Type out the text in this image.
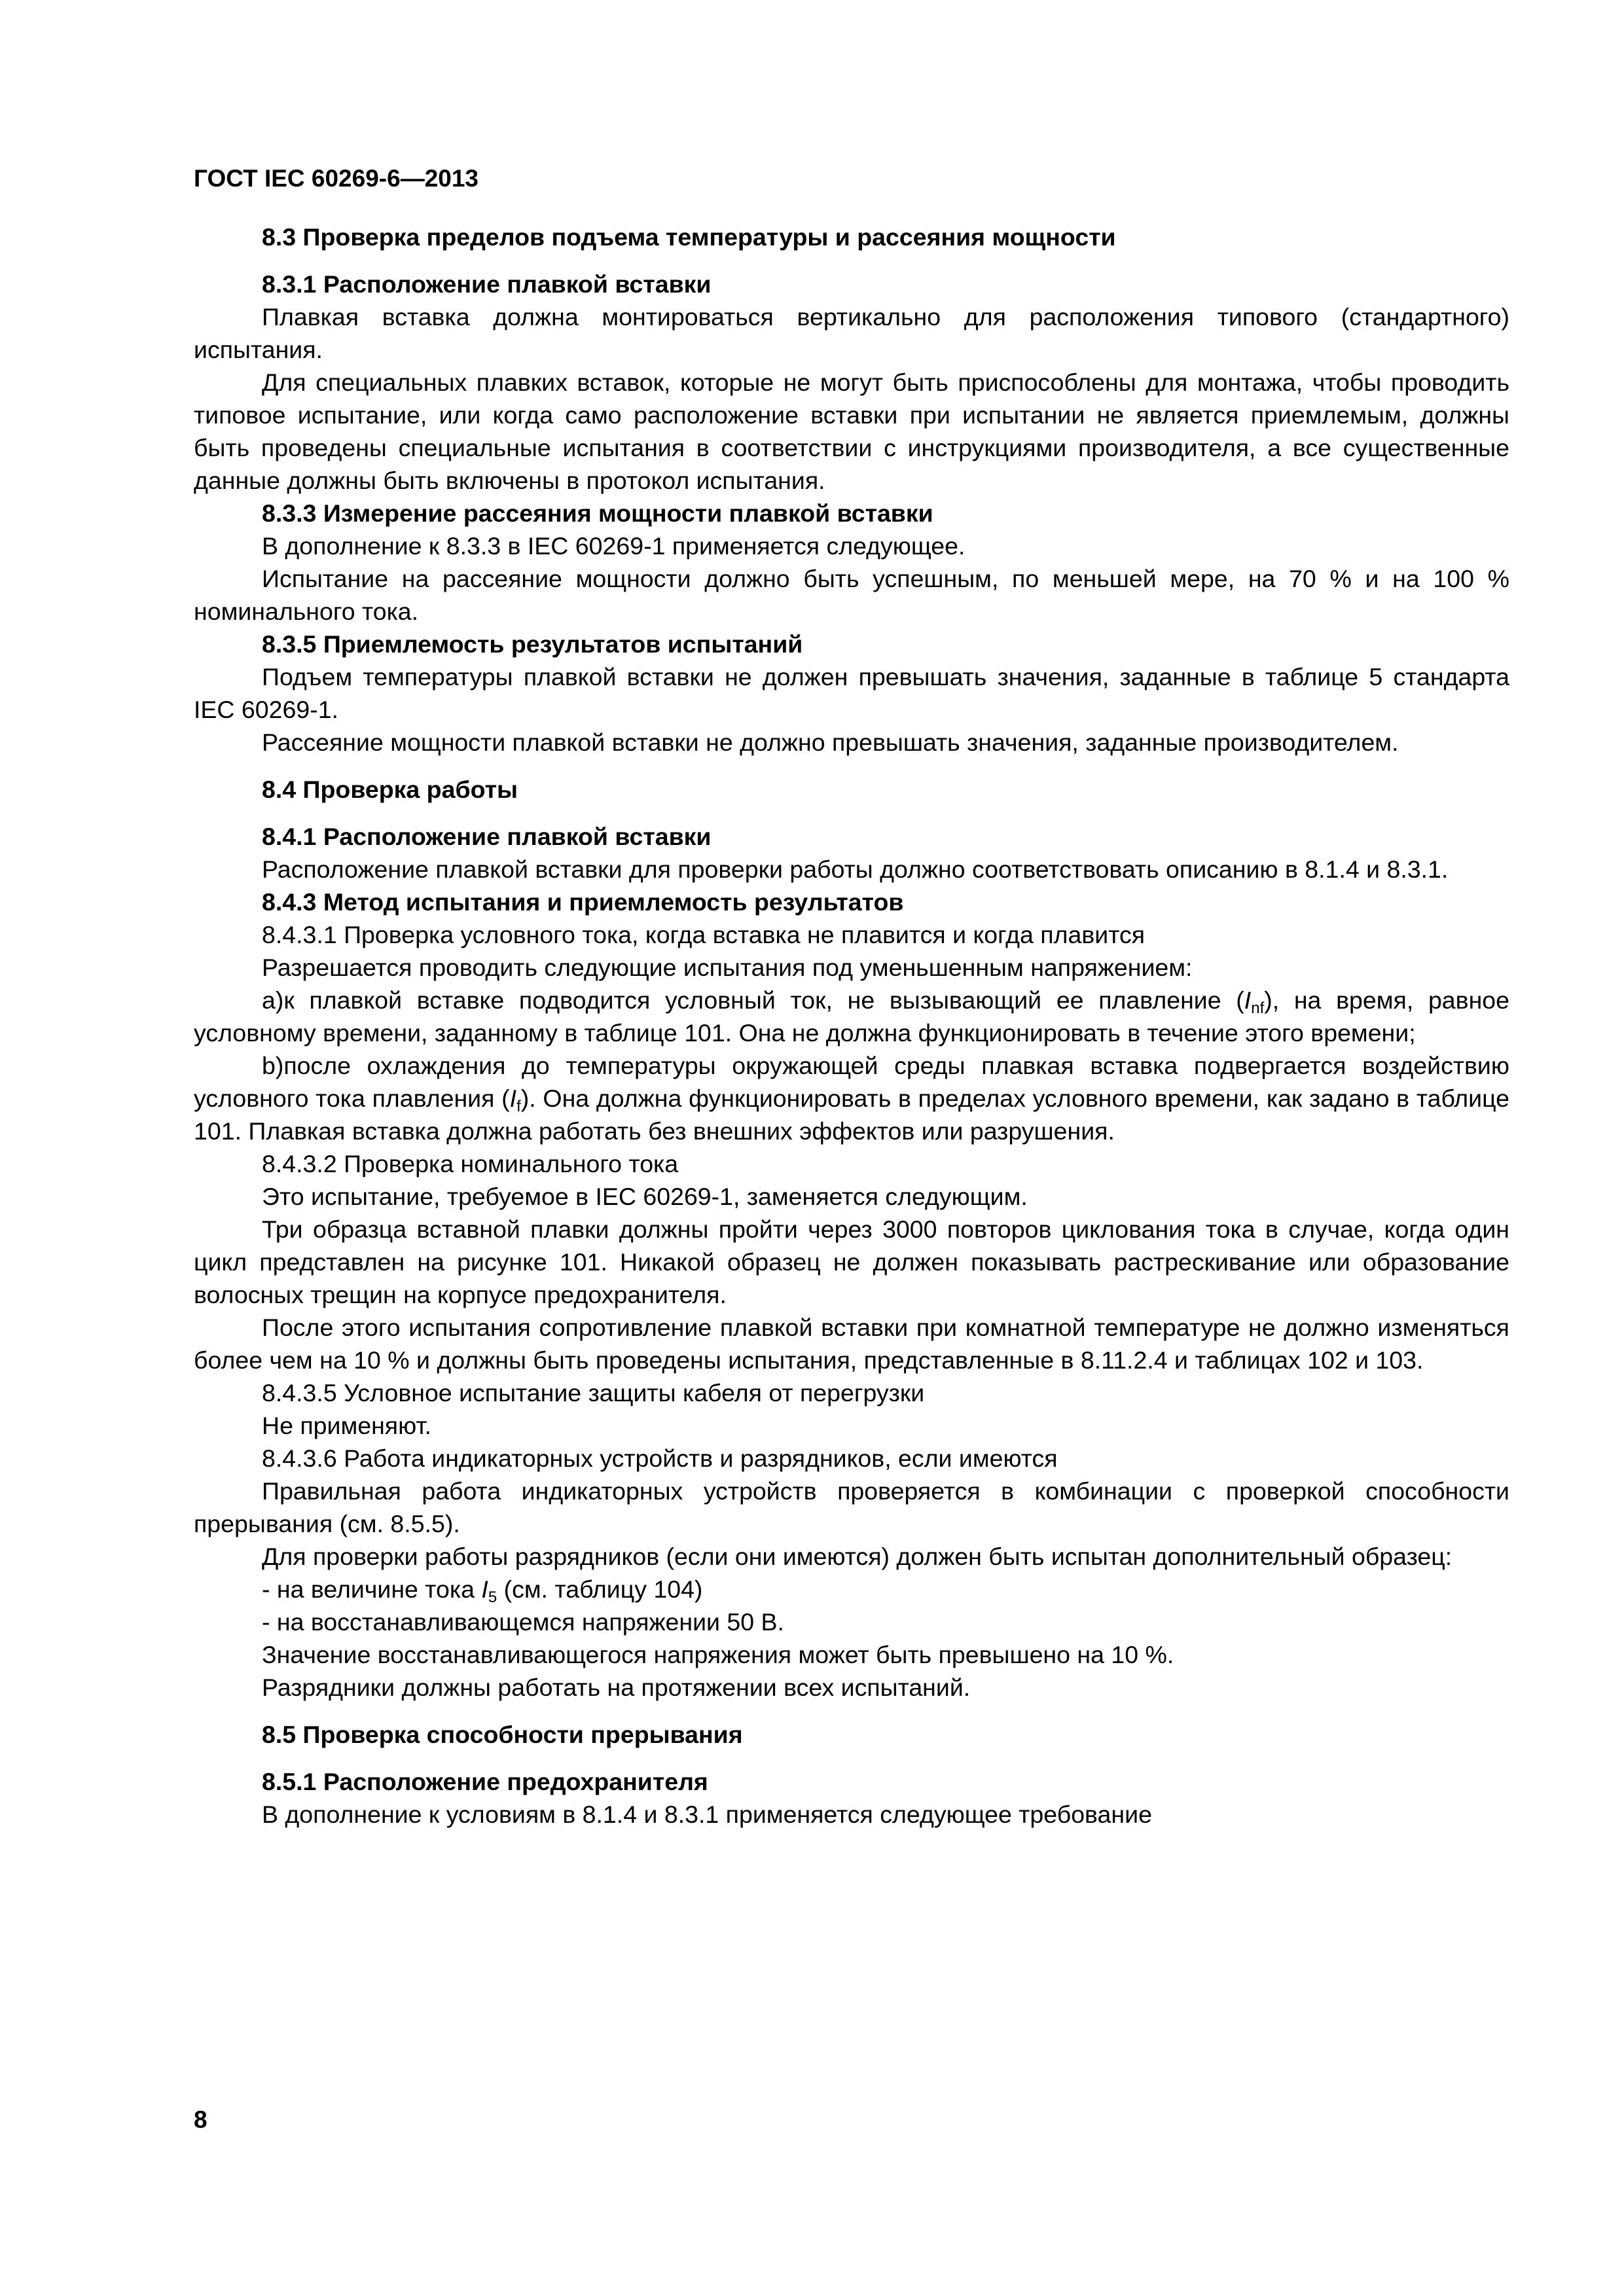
ГОСТ IEC 60269-6—2013

8.3 Проверка пределов подъема температуры и рассеяния мощности

8.3.1 Расположение плавкой вставки

Плавкая вставка должна монтироваться вертикально для расположения типового (стандартного) испытания.

Для специальных плавких вставок, которые не могут быть приспособлены для монтажа, чтобы проводить типовое испытание, или когда само расположение вставки при испытании не является приемлемым, должны быть проведены специальные испытания в соответствии с инструкциями производителя, а все существенные данные должны быть включены в протокол испытания.

8.3.3 Измерение рассеяния мощности плавкой вставки

В дополнение к 8.3.3 в IEC 60269-1 применяется следующее.

Испытание на рассеяние мощности должно быть успешным, по меньшей мере, на 70 % и на 100 % номинального тока.

8.3.5 Приемлемость результатов испытаний

Подъем температуры плавкой вставки не должен превышать значения, заданные в таблице 5 стандарта IEC 60269-1.

Рассеяние мощности плавкой вставки не должно превышать значения, заданные производителем.

8.4 Проверка работы

8.4.1 Расположение плавкой вставки

Расположение плавкой вставки для проверки работы должно соответствовать описанию в 8.1.4 и 8.3.1.

8.4.3 Метод испытания и приемлемость результатов

8.4.3.1 Проверка условного тока, когда вставка не плавится и когда плавится

Разрешается проводить следующие испытания под уменьшенным напряжением:

а)к плавкой вставке подводится условный ток, не вызывающий ее плавление $(I_{nf})$, на время, равное условному времени, заданному в таблице 101. Она не должна функционировать в течение этого времени;

b)после охлаждения до температуры окружающей среды плавкая вставка подвергается воздействию условного тока плавления $(I_f)$. Она должна функционировать в пределах условного времени, как задано в таблице 101. Плавкая вставка должна работать без внешних эффектов или разрушения.

8.4.3.2 Проверка номинального тока

Это испытание, требуемое в IEC 60269-1, заменяется следующим.

Три образца вставной плавки должны пройти через 3000 повторов циклования тока в случае, когда один цикл представлен на рисунке 101. Никакой образец не должен показывать растрескивание или образование волосных трещин на корпусе предохранителя.

После этого испытания сопротивление плавкой вставки при комнатной температуре не должно изменяться более чем на 10 % и должны быть проведены испытания, представленные в 8.11.2.4 и таблицах 102 и 103.

8.4.3.5 Условное испытание защиты кабеля от перегрузки

Не применяют.

8.4.3.6 Работа индикаторных устройств и разрядников, если имеются

Правильная работа индикаторных устройств проверяется в комбинации с проверкой способности прерывания (см. 8.5.5).

Для проверки работы разрядников (если они имеются) должен быть испытан дополнительный образец:

- на величине тока $I_5$ (см. таблицу 104)

- на восстанавливающемся напряжении 50 В.

Значение восстанавливающегося напряжения может быть превышено на 10 %.

Разрядники должны работать на протяжении всех испытаний.

8.5 Проверка способности прерывания

8.5.1 Расположение предохранителя

В дополнение к условиям в 8.1.4 и 8.3.1 применяется следующее требование

8
